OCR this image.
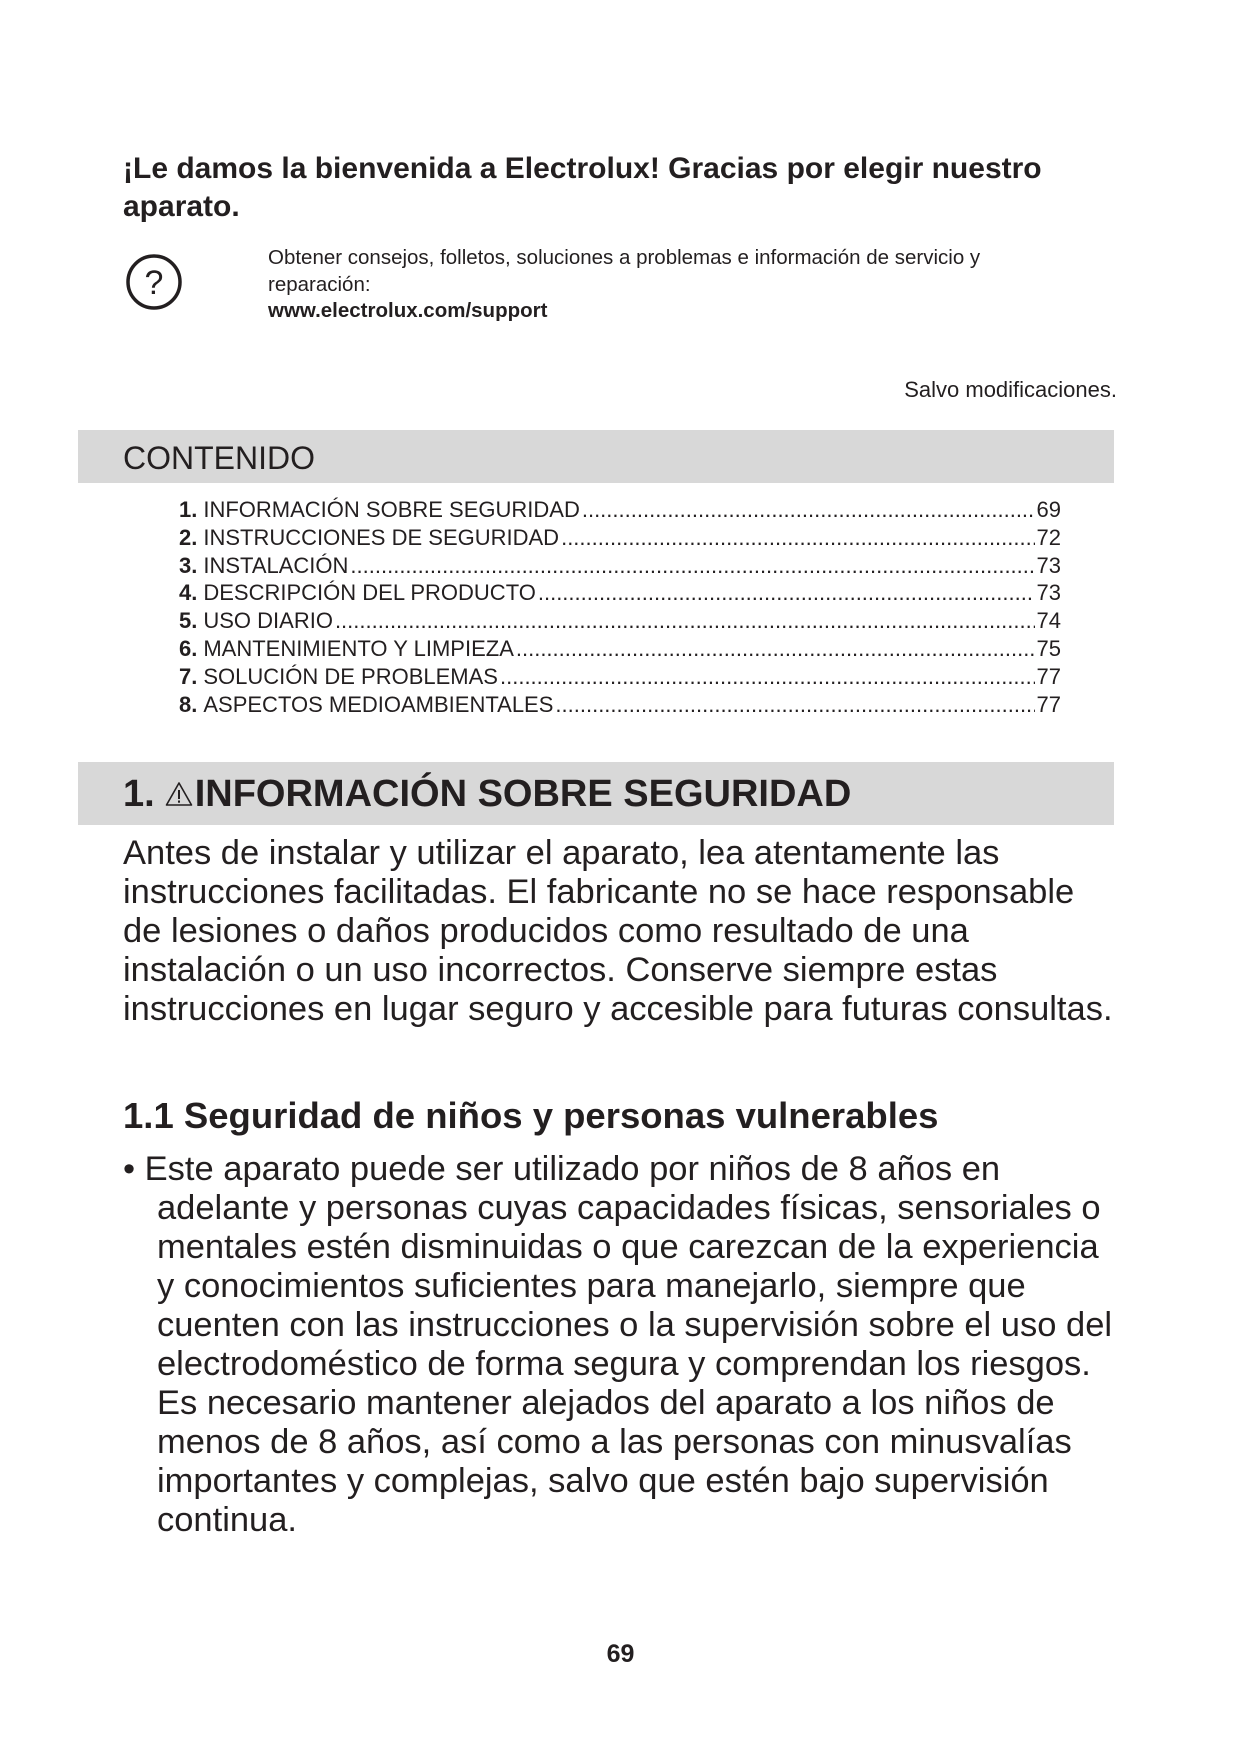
¡Le damos la bienvenida a Electrolux! Gracias por elegir nuestro aparato.
?
Obtener consejos, folletos, soluciones a problemas e información de servicio y reparación:
www.electrolux.com/support
Salvo modificaciones.
CONTENIDO
1. INFORMACIÓN SOBRE SEGURIDAD .....	69
2. INSTRUCCIONES DE SEGURIDAD .....	72
3. INSTALACIÓN .....	73
4. DESCRIPCIÓN DEL PRODUCTO .....	73
5. USO DIARIO .....	74
6. MANTENIMIENTO Y LIMPIEZA .....	75
7. SOLUCIÓN DE PROBLEMAS .....	77
8. ASPECTOS MEDIOAMBIENTALES .....	77
1. INFORMACIÓN SOBRE SEGURIDAD
Antes de instalar y utilizar el aparato, lea atentamente las instrucciones facilitadas. El fabricante no se hace responsable de lesiones o daños producidos como resultado de una instalación o un uso incorrectos. Conserve siempre estas instrucciones en lugar seguro y accesible para futuras consultas.
1.1 Seguridad de niños y personas vulnerables
• Este aparato puede ser utilizado por niños de 8 años en adelante y personas cuyas capacidades físicas, sensoriales o mentales estén disminuidas o que carezcan de la experiencia y conocimientos suficientes para manejarlo, siempre que cuenten con las instrucciones o la supervisión sobre el uso del electrodoméstico de forma segura y comprendan los riesgos. Es necesario mantener alejados del aparato a los niños de menos de 8 años, así como a las personas con minusvalías importantes y complejas, salvo que estén bajo supervisión continua.
69
